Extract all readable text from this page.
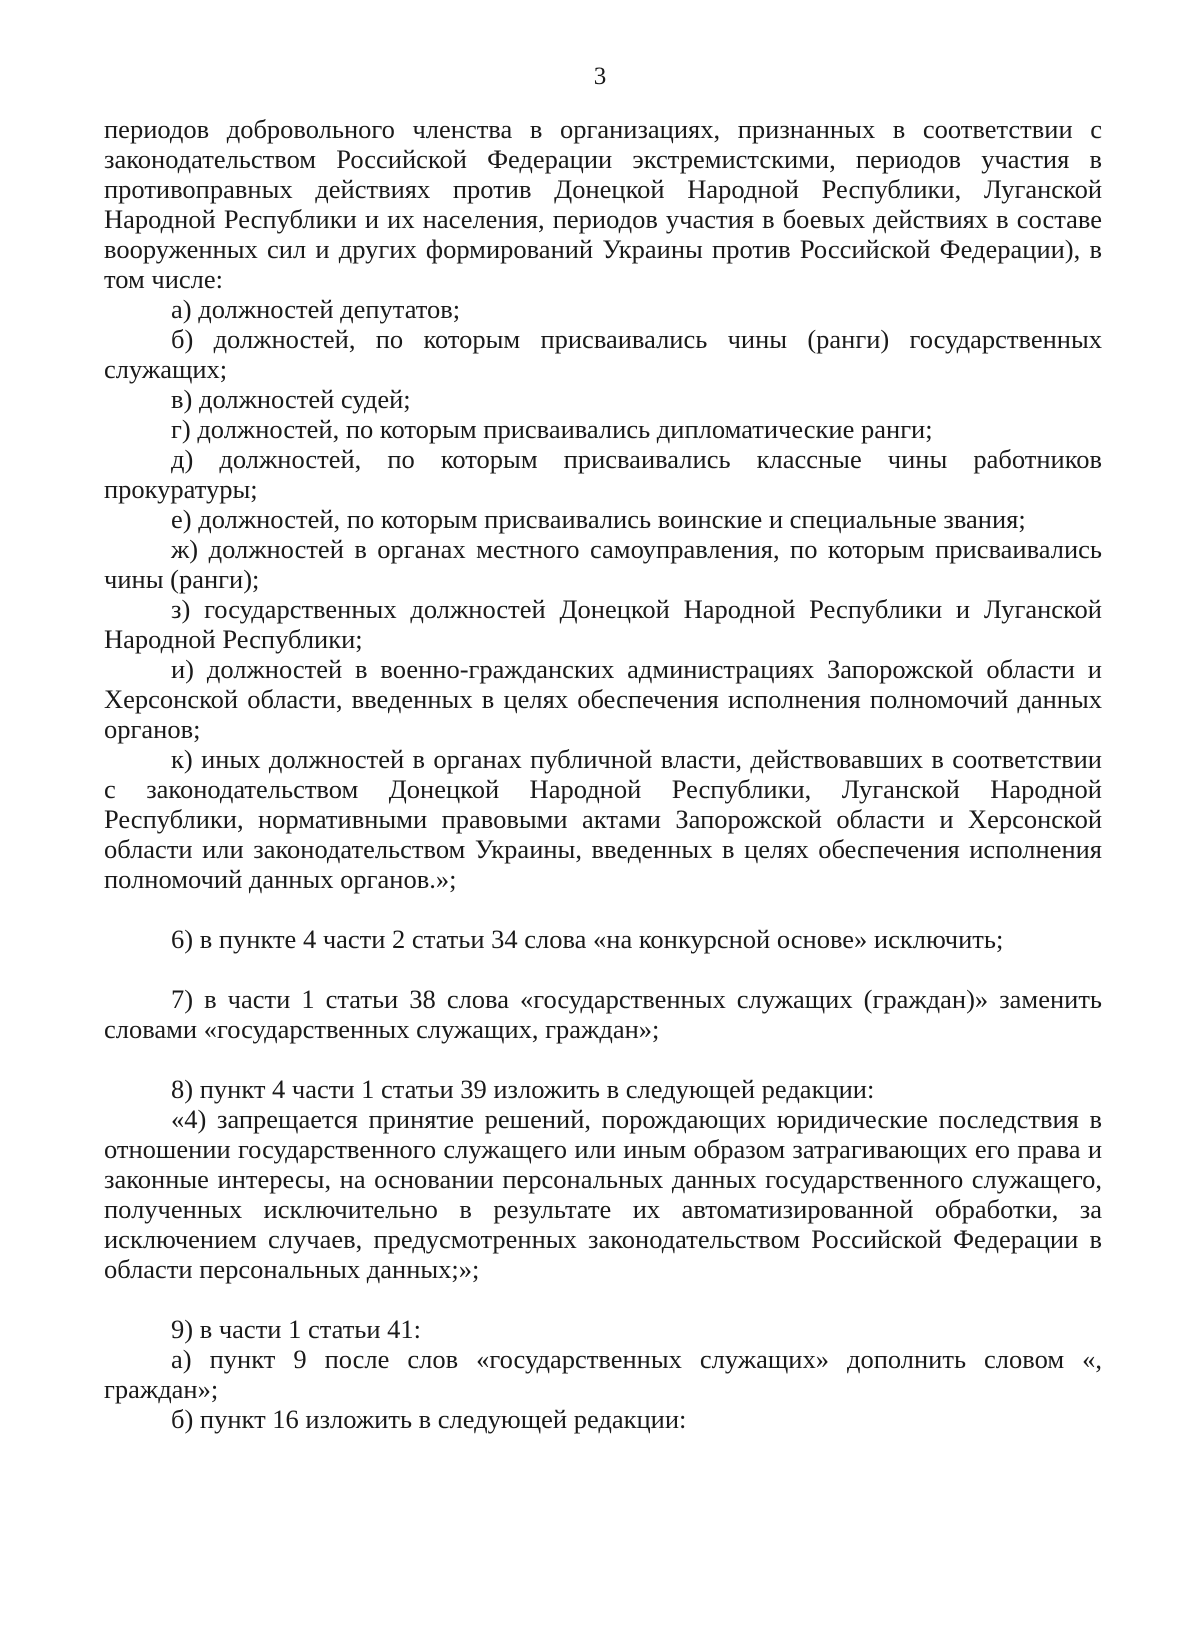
3

периодов добровольного членства в организациях, признанных в соответствии с законодательством Российской Федерации экстремистскими, периодов участия в противоправных действиях против Донецкой Народной Республики, Луганской Народной Республики и их населения, периодов участия в боевых действиях в составе вооруженных сил и других формирований Украины против Российской Федерации), в том числе:

а) должностей депутатов;

б) должностей, по которым присваивались чины (ранги) государственных служащих;

в) должностей судей;

г) должностей, по которым присваивались дипломатические ранги;

д) должностей, по которым присваивались классные чины работников прокуратуры;

е) должностей, по которым присваивались воинские и специальные звания;

ж) должностей в органах местного самоуправления, по которым присваивались чины (ранги);

з) государственных должностей Донецкой Народной Республики и Луганской Народной Республики;

и) должностей в военно-гражданских администрациях Запорожской области и Херсонской области, введенных в целях обеспечения исполнения полномочий данных органов;

к) иных должностей в органах публичной власти, действовавших в соответствии с законодательством Донецкой Народной Республики, Луганской Народной Республики, нормативными правовыми актами Запорожской области и Херсонской области или законодательством Украины, введенных в целях обеспечения исполнения полномочий данных органов.»;

6) в пункте 4 части 2 статьи 34 слова «на конкурсной основе» исключить;

7) в части 1 статьи 38 слова «государственных служащих (граждан)» заменить словами «государственных служащих, граждан»;

8) пункт 4 части 1 статьи 39 изложить в следующей редакции:

«4) запрещается принятие решений, порождающих юридические последствия в отношении государственного служащего или иным образом затрагивающих его права и законные интересы, на основании персональных данных государственного служащего, полученных исключительно в результате их автоматизированной обработки, за исключением случаев, предусмотренных законодательством Российской Федерации в области персональных данных;»;

9) в части 1 статьи 41:

а) пункт 9 после слов «государственных служащих» дополнить словом «, граждан»;

б) пункт 16 изложить в следующей редакции:
